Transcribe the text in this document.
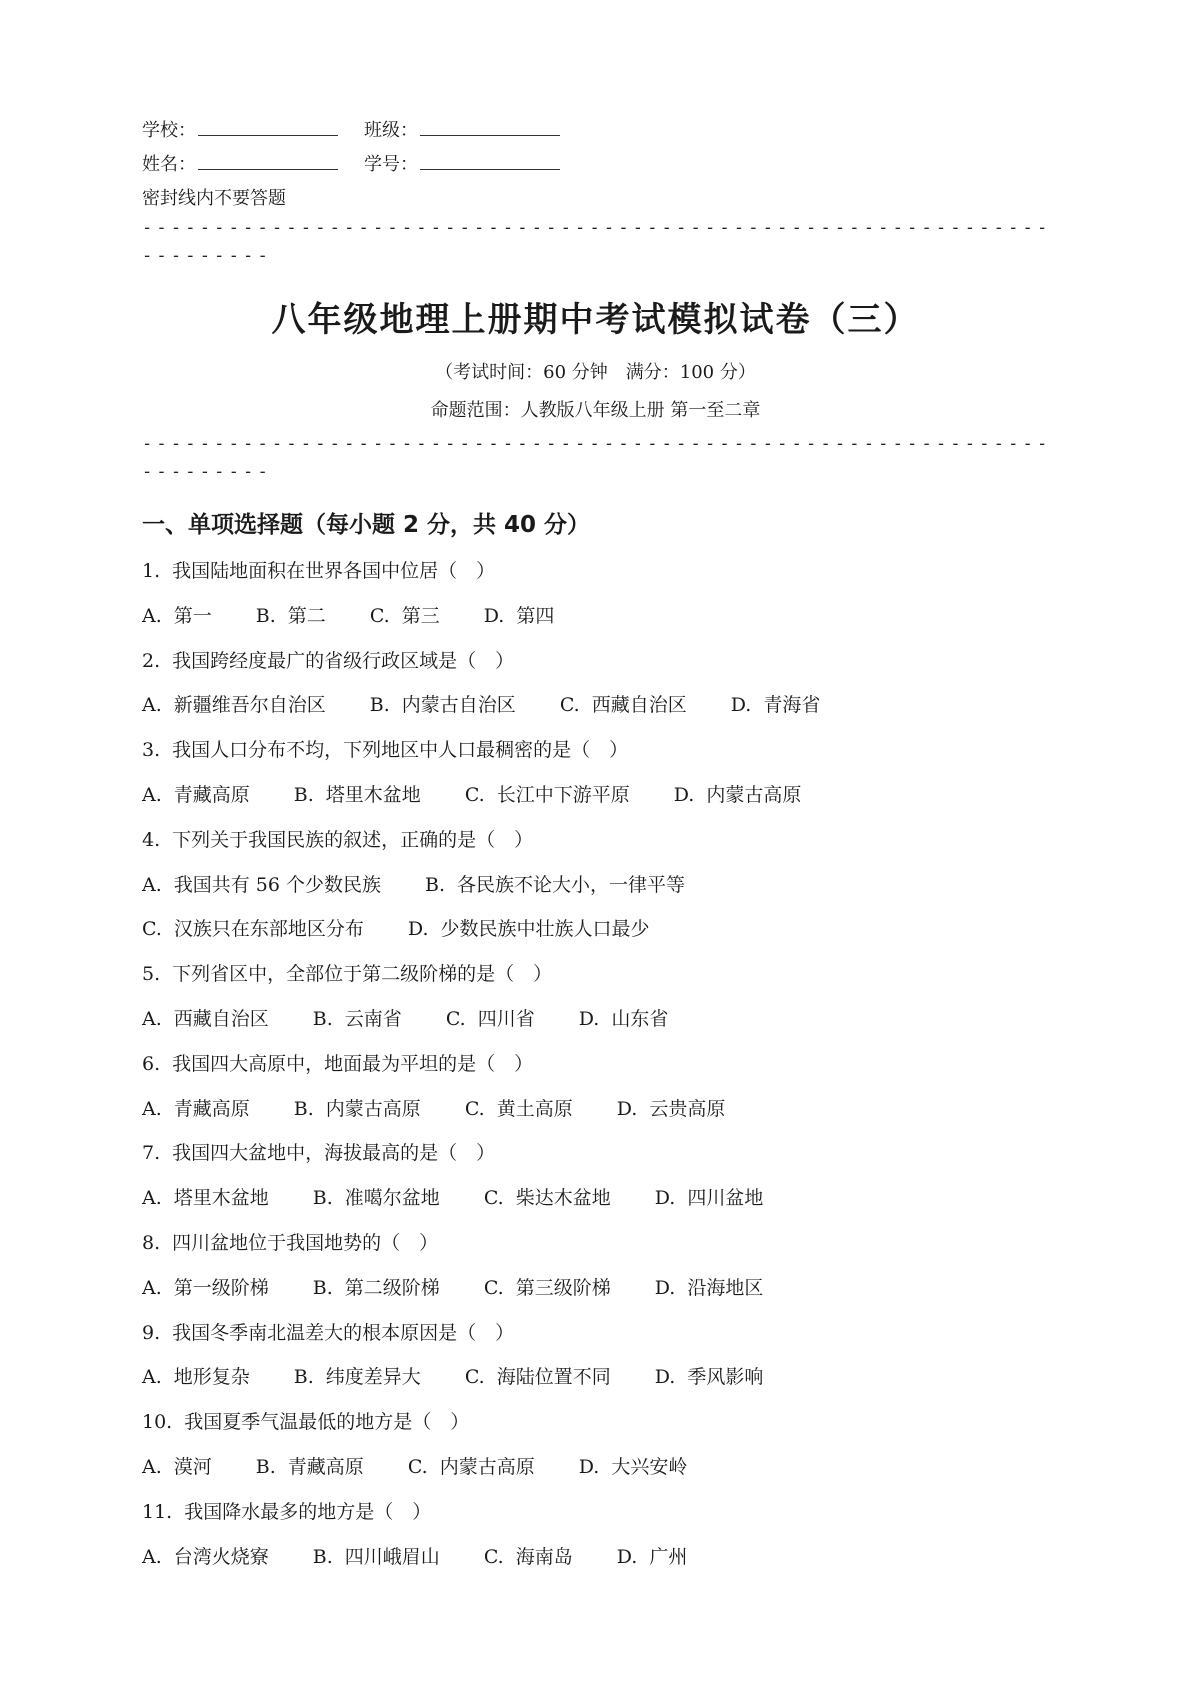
学校：	班级：
姓名：	学号：
密封线内不要答题
------------------------------------------------------------------------
八年级地理上册期中考试模拟试卷（三）
（考试时间：60 分钟　满分：100 分）
命题范围：人教版八年级上册 第一至二章
------------------------------------------------------------------------
一、单项选择题（每小题 2 分，共 40 分）
1. 我国陆地面积在世界各国中位居（　）
A. 第一 B. 第二 C. 第三 D. 第四
2. 我国跨经度最广的省级行政区域是（　）
A. 新疆维吾尔自治区 B. 内蒙古自治区 C. 西藏自治区 D. 青海省
3. 我国人口分布不均，下列地区中人口最稠密的是（　）
A. 青藏高原 B. 塔里木盆地 C. 长江中下游平原 D. 内蒙古高原
4. 下列关于我国民族的叙述，正确的是（　）
A. 我国共有 56 个少数民族 B. 各民族不论大小，一律平等
C. 汉族只在东部地区分布 D. 少数民族中壮族人口最少
5. 下列省区中，全部位于第二级阶梯的是（　）
A. 西藏自治区 B. 云南省 C. 四川省 D. 山东省
6. 我国四大高原中，地面最为平坦的是（　）
A. 青藏高原 B. 内蒙古高原 C. 黄土高原 D. 云贵高原
7. 我国四大盆地中，海拔最高的是（　）
A. 塔里木盆地 B. 准噶尔盆地 C. 柴达木盆地 D. 四川盆地
8. 四川盆地位于我国地势的（　）
A. 第一级阶梯 B. 第二级阶梯 C. 第三级阶梯 D. 沿海地区
9. 我国冬季南北温差大的根本原因是（　）
A. 地形复杂 B. 纬度差异大 C. 海陆位置不同 D. 季风影响
10. 我国夏季气温最低的地方是（　）
A. 漠河 B. 青藏高原 C. 内蒙古高原 D. 大兴安岭
11. 我国降水最多的地方是（　）
A. 台湾火烧寮 B. 四川峨眉山 C. 海南岛 D. 广州
